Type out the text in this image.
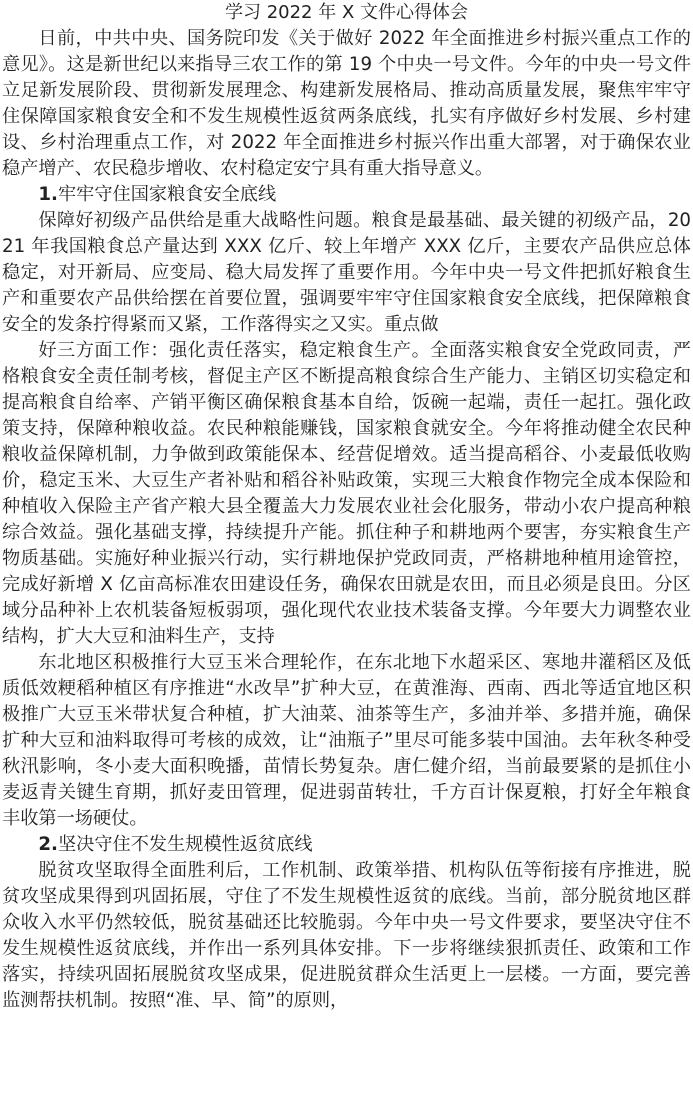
学习 2022 年 X 文件心得体会

日前，中共中央、国务院印发《关于做好 2022 年全面推进乡村振兴重点工作的意见》。这是新世纪以来指导三农工作的第 19 个中央一号文件。今年的中央一号文件立足新发展阶段、贯彻新发展理念、构建新发展格局、推动高质量发展，聚焦牢牢守住保障国家粮食安全和不发生规模性返贫两条底线，扎实有序做好乡村发展、乡村建设、乡村治理重点工作，对 2022 年全面推进乡村振兴作出重大部署，对于确保农业稳产增产、农民稳步增收、农村稳定安宁具有重大指导意义。

1.牢牢守住国家粮食安全底线

保障好初级产品供给是重大战略性问题。粮食是最基础、最关键的初级产品，2021 年我国粮食总产量达到 XXX 亿斤、较上年增产 XXX 亿斤，主要农产品供应总体稳定，对开新局、应变局、稳大局发挥了重要作用。今年中央一号文件把抓好粮食生产和重要农产品供给摆在首要位置，强调要牢牢守住国家粮食安全底线，把保障粮食安全的发条拧得紧而又紧，工作落得实之又实。重点做

好三方面工作：强化责任落实，稳定粮食生产。全面落实粮食安全党政同责，严格粮食安全责任制考核，督促主产区不断提高粮食综合生产能力、主销区切实稳定和提高粮食自给率、产销平衡区确保粮食基本自给，饭碗一起端，责任一起扛。强化政策支持，保障种粮收益。农民种粮能赚钱，国家粮食就安全。今年将推动健全农民种粮收益保障机制，力争做到政策能保本、经营促增效。适当提高稻谷、小麦最低收购价，稳定玉米、大豆生产者补贴和稻谷补贴政策，实现三大粮食作物完全成本保险和种植收入保险主产省产粮大县全覆盖大力发展农业社会化服务，带动小农户提高种粮综合效益。强化基础支撑，持续提升产能。抓住种子和耕地两个要害，夯实粮食生产物质基础。实施好种业振兴行动，实行耕地保护党政同责，严格耕地种植用途管控，完成好新增 X 亿亩高标准农田建设任务，确保农田就是农田，而且必须是良田。分区域分品种补上农机装备短板弱项，强化现代农业技术装备支撑。今年要大力调整农业结构，扩大大豆和油料生产，支持

东北地区积极推行大豆玉米合理轮作，在东北地下水超采区、寒地井灌稻区及低质低效粳稻种植区有序推进“水改旱”扩种大豆，在黄淮海、西南、西北等适宜地区积极推广大豆玉米带状复合种植，扩大油菜、油茶等生产，多油并举、多措并施，确保扩种大豆和油料取得可考核的成效，让“油瓶子”里尽可能多装中国油。去年秋冬种受秋汛影响，冬小麦大面积晚播，苗情长势复杂。唐仁健介绍，当前最要紧的是抓住小麦返青关键生育期，抓好麦田管理，促进弱苗转壮，千方百计保夏粮，打好全年粮食丰收第一场硬仗。

2.坚决守住不发生规模性返贫底线

脱贫攻坚取得全面胜利后，工作机制、政策举措、机构队伍等衔接有序推进，脱贫攻坚成果得到巩固拓展，守住了不发生规模性返贫的底线。当前，部分脱贫地区群众收入水平仍然较低，脱贫基础还比较脆弱。今年中央一号文件要求，要坚决守住不发生规模性返贫底线，并作出一系列具体安排。下一步将继续狠抓责任、政策和工作落实，持续巩固拓展脱贫攻坚成果，促进脱贫群众生活更上一层楼。一方面，要完善监测帮扶机制。按照“准、早、简”的原则，
